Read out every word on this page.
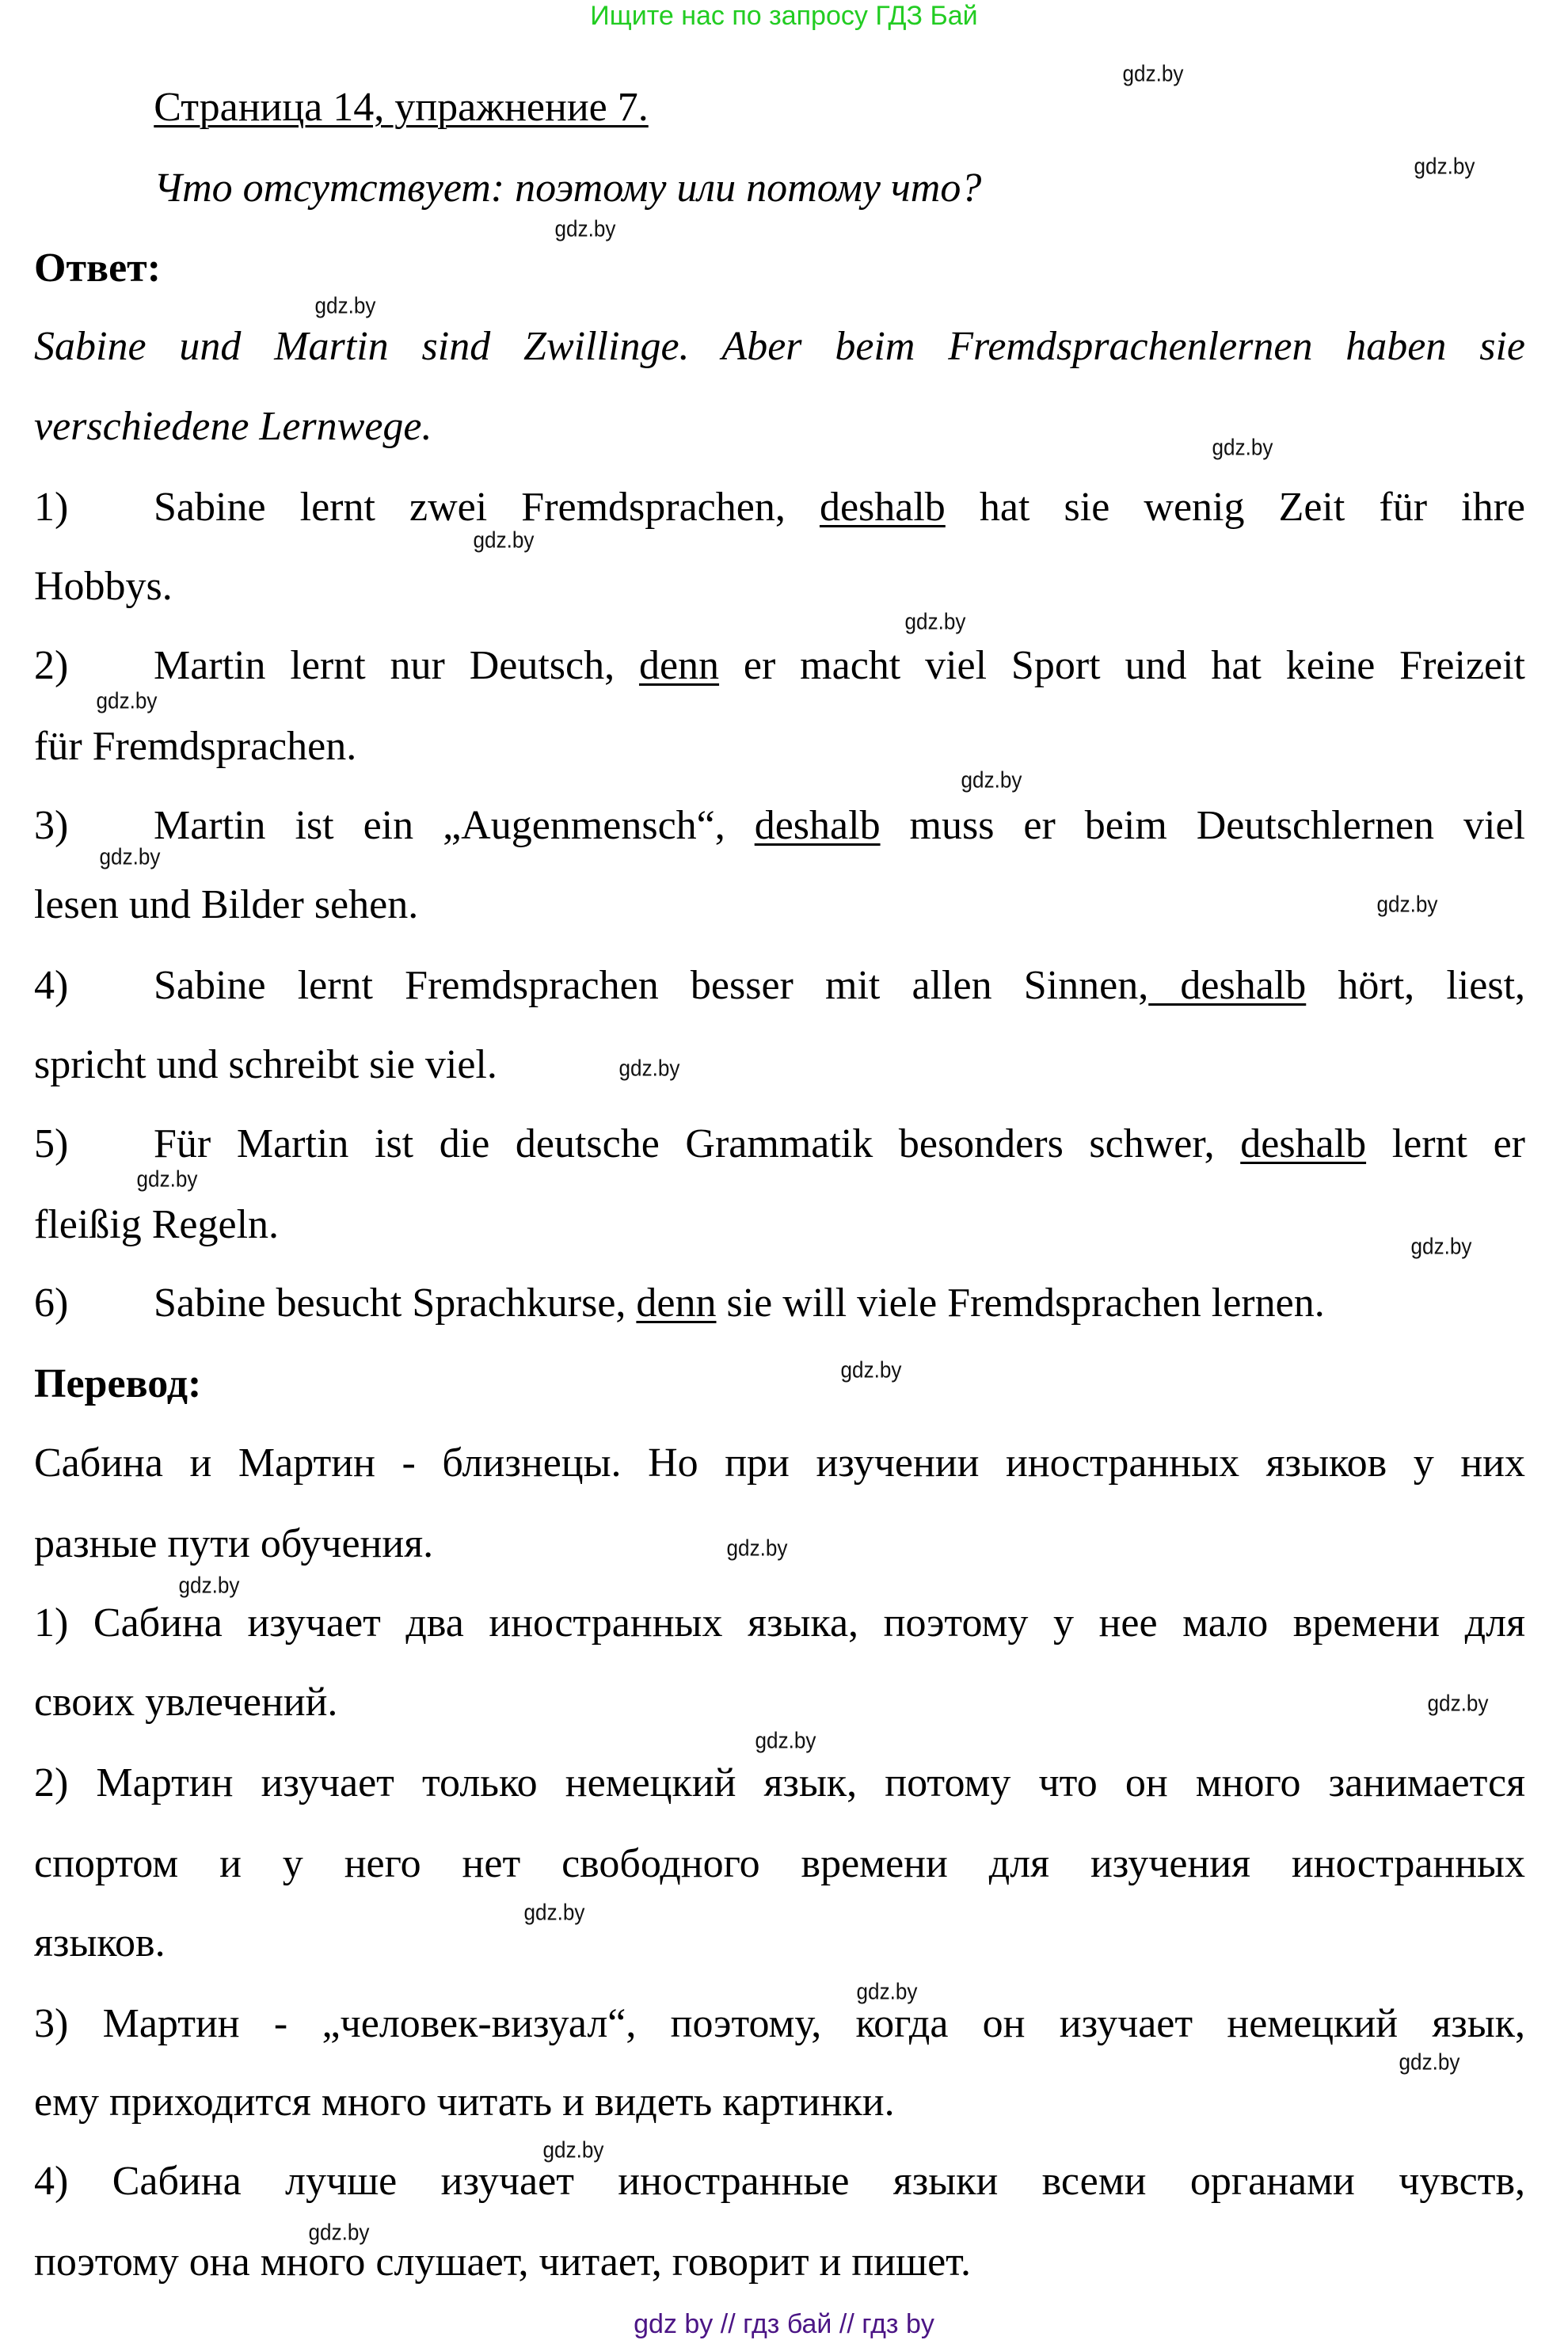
Ищите нас по запросу ГДЗ Бай
Страница 14, упражнение 7.
Что отсутствует: поэтому или потому что?
Ответ:
Sabine und Martin sind Zwillinge. Aber beim Fremdsprachenlernen haben sie
verschiedene Lernwege.
1) Sabine lernt zwei Fremdsprachen, deshalb hat sie wenig Zeit für ihre
Hobbys.
2) Martin lernt nur Deutsch, denn er macht viel Sport und hat keine Freizeit
für Fremdsprachen.
3) Martin ist ein „Augenmensch“, deshalb muss er beim Deutschlernen viel
lesen und Bilder sehen.
4) Sabine lernt Fremdsprachen besser mit allen Sinnen, deshalb hört, liest,
spricht und schreibt sie viel.
5) Für Martin ist die deutsche Grammatik besonders schwer, deshalb lernt er
fleißig Regeln.
6) Sabine besucht Sprachkurse, denn sie will viele Fremdsprachen lernen.
Перевод:
Сабина и Мартин - близнецы. Но при изучении иностранных языков у них
разные пути обучения.
1) Сабина изучает два иностранных языка, поэтому у нее мало времени для
своих увлечений.
2) Мартин изучает только немецкий язык, потому что он много занимается
спортом и у него нет свободного времени для изучения иностранных
языков.
3) Мартин - „человек-визуал“, поэтому, когда он изучает немецкий язык,
ему приходится много читать и видеть картинки.
4) Сабина лучше изучает иностранные языки всеми органами чувств,
поэтому она много слушает, читает, говорит и пишет.
gdz.by
gdz.by
gdz.by
gdz.by
gdz.by
gdz.by
gdz.by
gdz.by
gdz.by
gdz.by
gdz.by
gdz.by
gdz.by
gdz.by
gdz.by
gdz.by
gdz.by
gdz.by
gdz.by
gdz.by
gdz.by
gdz.by
gdz.by
gdz.by
gdz by // гдз бай // гдз by
